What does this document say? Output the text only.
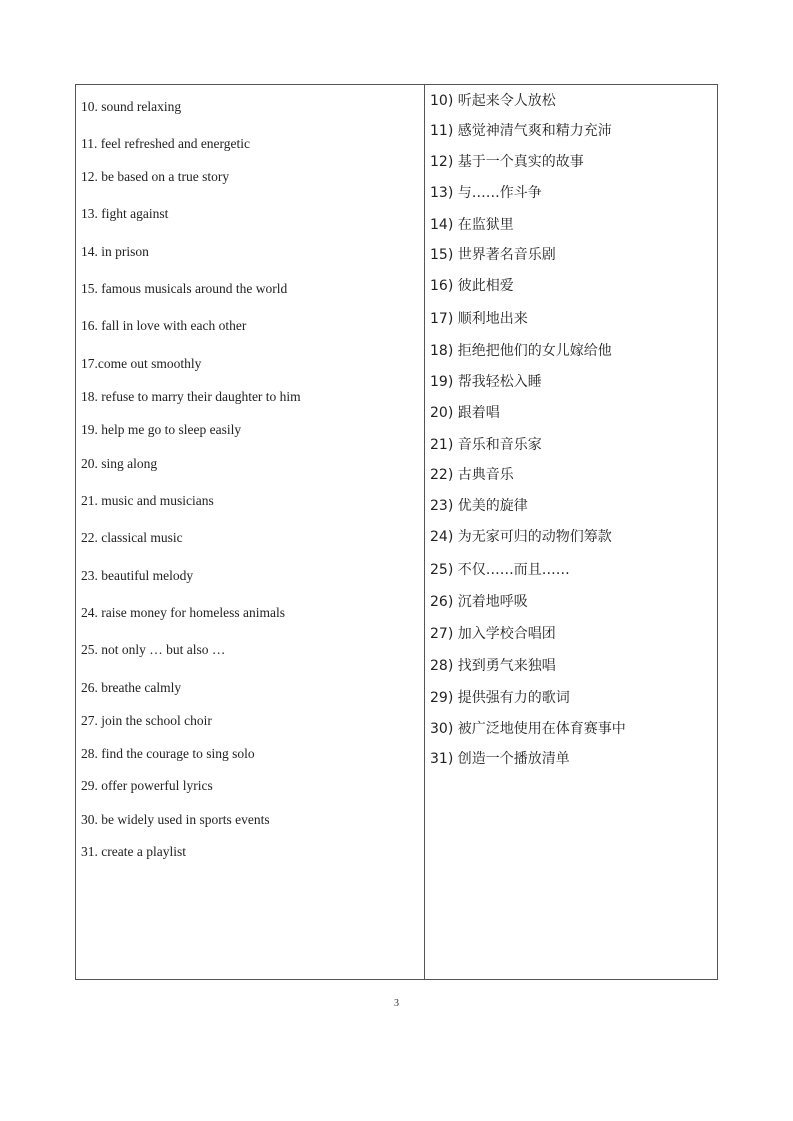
10. sound relaxing
11. feel refreshed and energetic
12. be based on a true story
13. fight against
14. in prison
15. famous musicals around the world
16. fall in love with each other
17.come out smoothly
18. refuse to marry their daughter to him
19. help me go to sleep easily
20. sing along
21. music and musicians
22. classical music
23. beautiful melody
24. raise money for homeless animals
25. not only … but also …
26. breathe calmly
27. join the school choir
28. find the courage to sing solo
29. offer powerful lyrics
30. be widely used in sports events
31. create a playlist
10) 听起来令人放松
11) 感觉神清气爽和精力充沛
12) 基于一个真实的故事
13) 与……作斗争
14) 在监狱里
15) 世界著名音乐剧
16) 彼此相爱
17) 顺利地出来
18) 拒绝把他们的女儿嫁给他
19) 帮我轻松入睡
20) 跟着唱
21) 音乐和音乐家
22) 古典音乐
23) 优美的旋律
24) 为无家可归的动物们筹款
25) 不仅……而且……
26) 沉着地呼吸
27) 加入学校合唱团
28) 找到勇气来独唱
29) 提供强有力的歌词
30) 被广泛地使用在体育赛事中
31) 创造一个播放清单
3
